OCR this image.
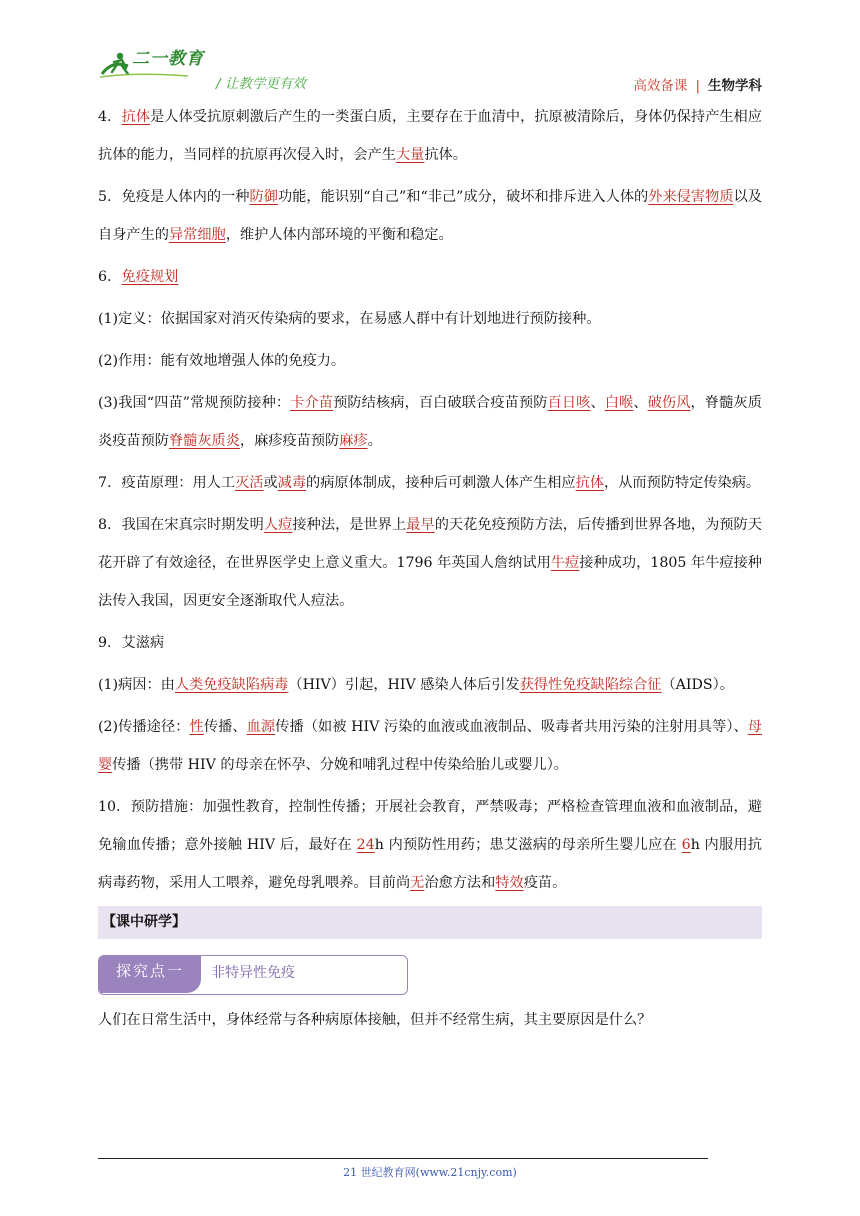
二一教育
/ 让教学更有效	高效备课 | 生物学科

4. 抗体是人体受抗原刺激后产生的一类蛋白质，主要存在于血清中，抗原被清除后，身体仍保持产生相应抗体的能力，当同样的抗原再次侵入时，会产生大量抗体。

5. 免疫是人体内的一种防御功能，能识别“自己”和“非己”成分，破坏和排斥进入人体的外来侵害物质以及自身产生的异常细胞，维护人体内部环境的平衡和稳定。

6. 免疫规划

(1)定义：依据国家对消灭传染病的要求，在易感人群中有计划地进行预防接种。

(2)作用：能有效地增强人体的免疫力。

(3)我国“四苗”常规预防接种：卡介苗预防结核病，百白破联合疫苗预防百日咳、白喉、破伤风，脊髓灰质炎疫苗预防脊髓灰质炎，麻疹疫苗预防麻疹。

7. 疫苗原理：用人工灭活或减毒的病原体制成，接种后可刺激人体产生相应抗体，从而预防特定传染病。

8. 我国在宋真宗时期发明人痘接种法，是世界上最早的天花免疫预防方法，后传播到世界各地，为预防天花开辟了有效途径，在世界医学史上意义重大。1796 年英国人詹纳试用牛痘接种成功，1805 年牛痘接种法传入我国，因更安全逐渐取代人痘法。

9. 艾滋病

(1)病因：由人类免疫缺陷病毒（HIV）引起，HIV 感染人体后引发获得性免疫缺陷综合征（AIDS）。

(2)传播途径：性传播、血源传播（如被 HIV 污染的血液或血液制品、吸毒者共用污染的注射用具等）、母婴传播（携带 HIV 的母亲在怀孕、分娩和哺乳过程中传染给胎儿或婴儿）。

10. 预防措施：加强性教育，控制性传播；开展社会教育，严禁吸毒；严格检查管理血液和血液制品，避免输血传播；意外接触 HIV 后，最好在 24h 内预防性用药；患艾滋病的母亲所生婴儿应在 6h 内服用抗病毒药物，采用人工喂养，避免母乳喂养。目前尚无治愈方法和特效疫苗。

【课中研学】
探究点一	非特异性免疫
人们在日常生活中，身体经常与各种病原体接触，但并不经常生病，其主要原因是什么？
21 世纪教育网(www.21cnjy.com)
